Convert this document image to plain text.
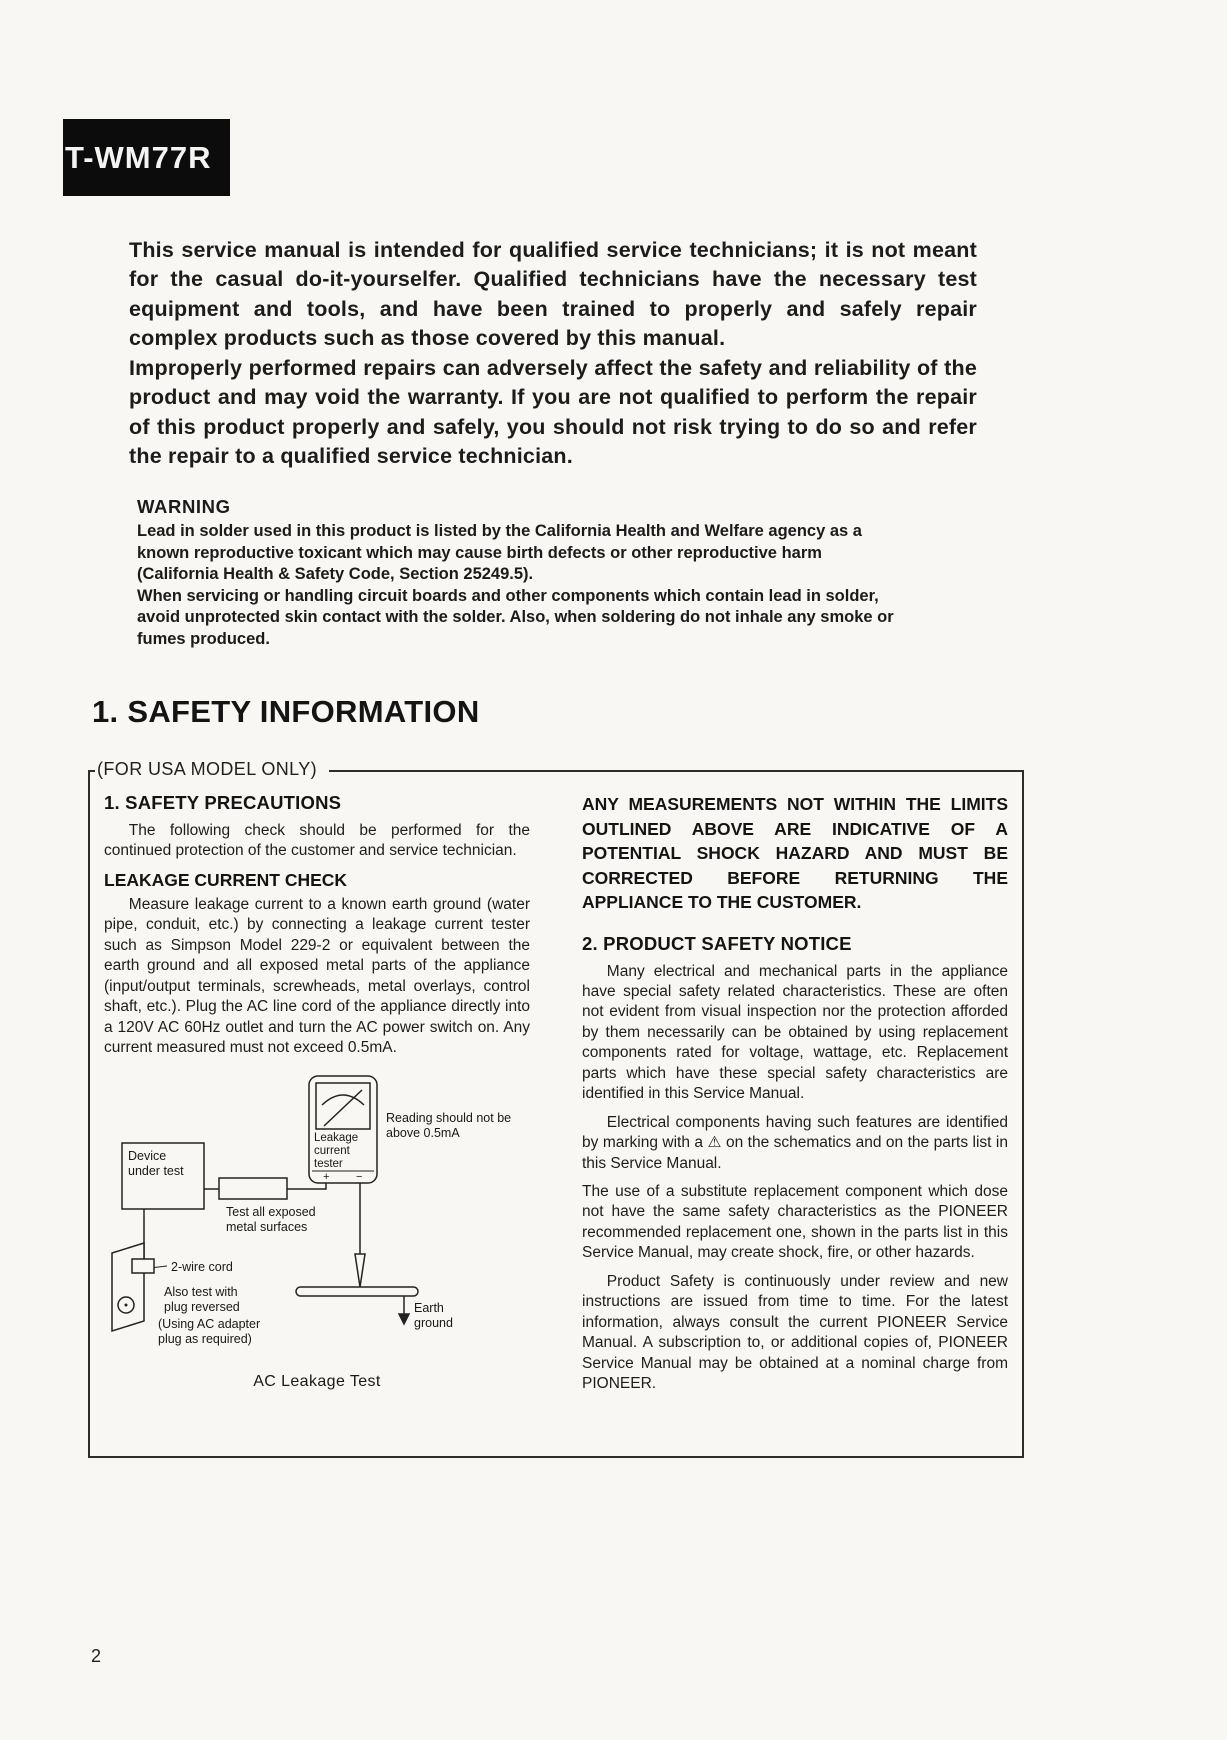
T-WM77R

This service manual is intended for qualified service technicians; it is not meant for the casual do-it-yourselfer. Qualified technicians have the necessary test equipment and tools, and have been trained to properly and safely repair complex products such as those covered by this manual.

Improperly performed repairs can adversely affect the safety and reliability of the product and may void the warranty. If you are not qualified to perform the repair of this product properly and safely, you should not risk trying to do so and refer the repair to a qualified service technician.

WARNING

Lead in solder used in this product is listed by the California Health and Welfare agency as a known reproductive toxicant which may cause birth defects or other reproductive harm (California Health & Safety Code, Section 25249.5).

When servicing or handling circuit boards and other components which contain lead in solder, avoid unprotected skin contact with the solder. Also, when soldering do not inhale any smoke or fumes produced.

1. SAFETY INFORMATION
(FOR USA MODEL ONLY)
1. SAFETY PRECAUTIONS

The following check should be performed for the continued protection of the customer and service technician.

LEAKAGE CURRENT CHECK

Measure leakage current to a known earth ground (water pipe, conduit, etc.) by connecting a leakage current tester such as Simpson Model 229-2 or equivalent between the earth ground and all exposed metal parts of the appliance (input/output terminals, screwheads, metal overlays, control shaft, etc.). Plug the AC line cord of the appliance directly into a 120V AC 60Hz outlet and turn the AC power switch on. Any current measured must not exceed 0.5mA.

Device under test
Leakage current tester
+ −
Reading should not be above 0.5mA
Test all exposed metal surfaces
2-wire cord
Also test with plug reversed
(Using AC adapter plug as required)
Earth ground
AC Leakage Test

ANY MEASUREMENTS NOT WITHIN THE LIMITS OUTLINED ABOVE ARE INDICATIVE OF A POTENTIAL SHOCK HAZARD AND MUST BE CORRECTED BEFORE RETURNING THE APPLIANCE TO THE CUSTOMER.

2. PRODUCT SAFETY NOTICE

Many electrical and mechanical parts in the appliance have special safety related characteristics. These are often not evident from visual inspection nor the protection afforded by them necessarily can be obtained by using replacement components rated for voltage, wattage, etc. Replacement parts which have these special safety characteristics are identified in this Service Manual.

Electrical components having such features are identified by marking with a ⚠ on the schematics and on the parts list in this Service Manual.

The use of a substitute replacement component which dose not have the same safety characteristics as the PIONEER recommended replacement one, shown in the parts list in this Service Manual, may create shock, fire, or other hazards.

Product Safety is continuously under review and new instructions are issued from time to time. For the latest information, always consult the current PIONEER Service Manual. A subscription to, or additional copies of, PIONEER Service Manual may be obtained at a nominal charge from PIONEER.

2
